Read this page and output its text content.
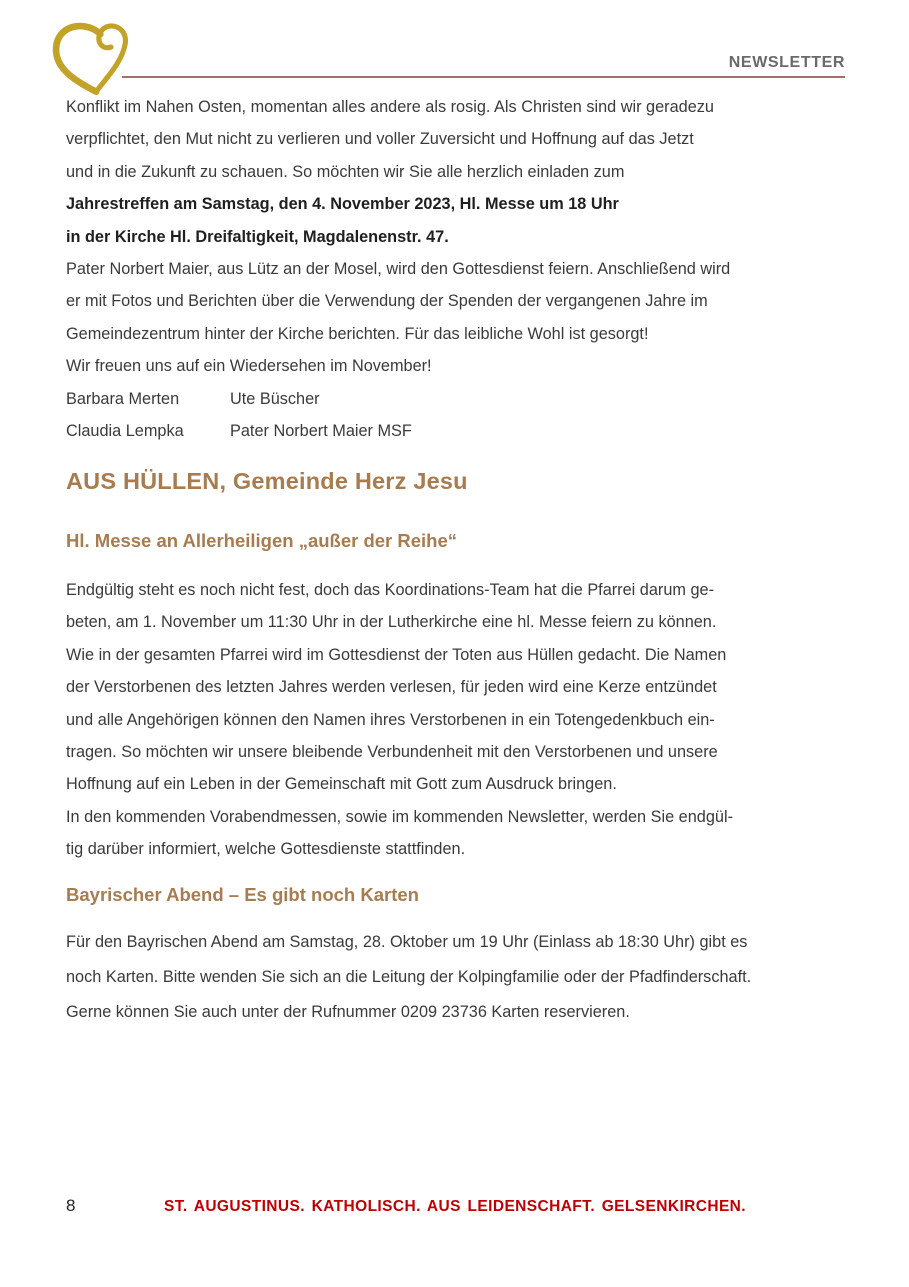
NEWSLETTER
Konflikt im Nahen Osten, momentan alles andere als rosig. Als Christen sind wir geradezu
verpflichtet, den Mut nicht zu verlieren und voller Zuversicht und Hoffnung auf das Jetzt
und in die Zukunft zu schauen. So möchten wir Sie alle herzlich einladen zum
Jahrestreffen am Samstag, den 4. November 2023, Hl. Messe um 18 Uhr
in der Kirche Hl. Dreifaltigkeit, Magdalenenstr. 47.
Pater Norbert Maier, aus Lütz an der Mosel, wird den Gottesdienst feiern. Anschließend wird
er mit Fotos und Berichten über die Verwendung der Spenden der vergangenen Jahre im
Gemeindezentrum hinter der Kirche berichten. Für das leibliche Wohl ist gesorgt!
Wir freuen uns auf ein Wiedersehen im November!
Barbara Merten	Ute Büscher
Claudia Lempka	Pater Norbert Maier MSF
AUS HÜLLEN, Gemeinde Herz Jesu
Hl. Messe an Allerheiligen „außer der Reihe“
Endgültig steht es noch nicht fest, doch das Koordinations-Team hat die Pfarrei darum ge-
beten, am 1. November um 11:30 Uhr in der Lutherkirche eine hl. Messe feiern zu können.
Wie in der gesamten Pfarrei wird im Gottesdienst der Toten aus Hüllen gedacht. Die Namen
der Verstorbenen des letzten Jahres werden verlesen, für jeden wird eine Kerze entzündet
und alle Angehörigen können den Namen ihres Verstorbenen in ein Totengedenkbuch ein-
tragen. So möchten wir unsere bleibende Verbundenheit mit den Verstorbenen und unsere
Hoffnung auf ein Leben in der Gemeinschaft mit Gott zum Ausdruck bringen.
In den kommenden Vorabendmessen, sowie im kommenden Newsletter, werden Sie endgül-
tig darüber informiert, welche Gottesdienste stattfinden.
Bayrischer Abend – Es gibt noch Karten
Für den Bayrischen Abend am Samstag, 28. Oktober um 19 Uhr (Einlass ab 18:30 Uhr) gibt es
noch Karten. Bitte wenden Sie sich an die Leitung der Kolpingfamilie oder der Pfadfinderschaft.
Gerne können Sie auch unter der Rufnummer 0209 23736 Karten reservieren.
8	ST. AUGUSTINUS. KATHOLISCH. AUS LEIDENSCHAFT. GELSENKIRCHEN.
